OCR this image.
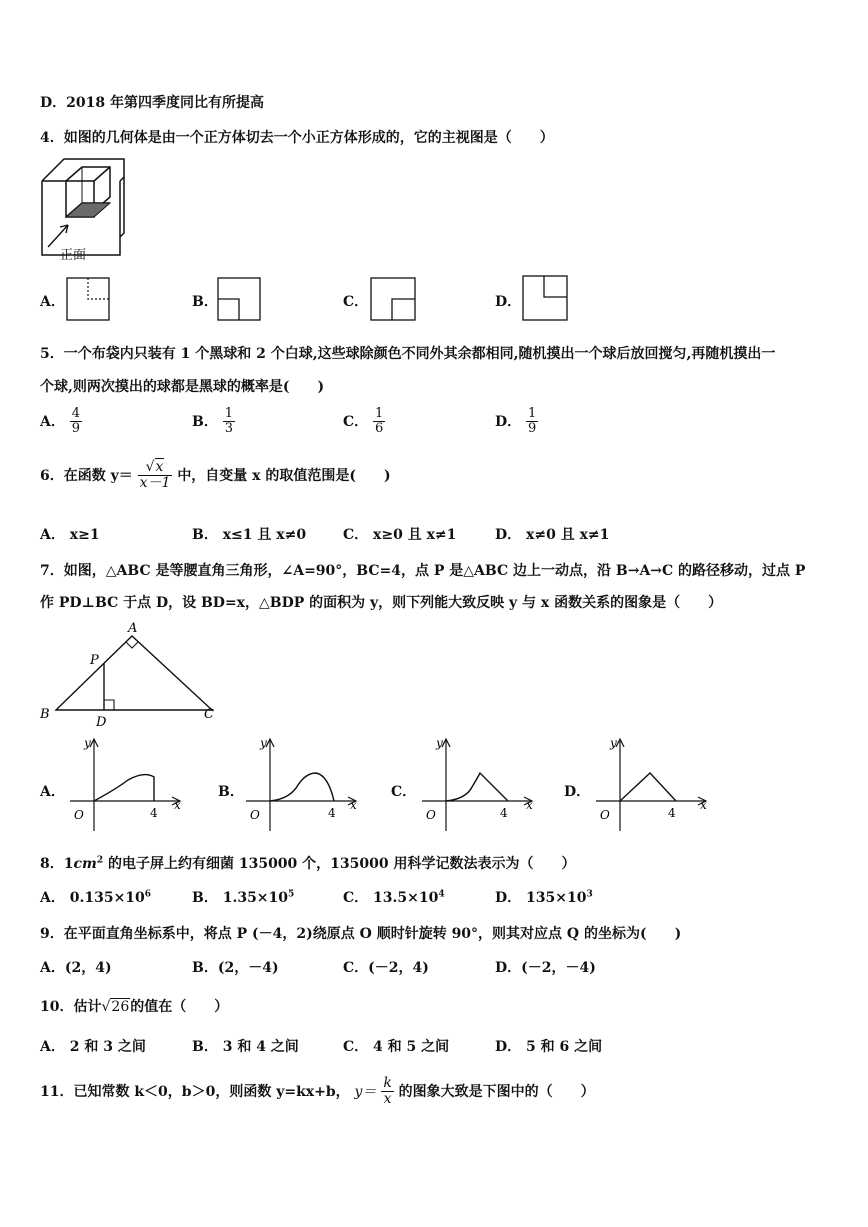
D．2018 年第四季度同比有所提高
4．如图的几何体是由一个正方体切去一个小正方体形成的，它的主视图是（　　）
正面
A．	B．	C．	D．
5．一个布袋内只装有 1 个黑球和 2 个白球,这些球除颜色不同外其余都相同,随机摸出一个球后放回搅匀,再随机摸出一
个球,则两次摸出的球都是黑球的概率是(　　)
A． $\frac{4}{9}$	B． $\frac{1}{3}$	C． $\frac{1}{6}$	D． $\frac{1}{9}$
6．在函数 $y= \frac{√x}{x-1}$ 中，自变量 x 的取值范围是(　　)
A． x≥1	B． x≤1 且 x≠0	C． x≥0 且 x≠1	D． x≠0 且 x≠1
7．如图，△ABC 是等腰直角三角形，∠A=90°，BC=4，点 P 是△ABC 边上一动点，沿 B→A→C 的路径移动，过点 P
作 PD⊥BC 于点 D，设 BD=x，△BDP 的面积为 y，则下列能大致反映 y 与 x 函数关系的图象是（　　）
A
B	C
P
D
A．
y
x
O	4
B．
y
x
O	4
C．
y
x
O	4
D．
y
x
O	4
8．$1cm^2$ 的电子屏上约有细菌 135000 个，135000 用科学记数法表示为（　　）
A． $0.135\times 10^6$	B． $1.35\times 10^5$	C． $13.5\times 10^4$	D． $135\times 10^3$
9．在平面直角坐标系中，将点 P (－4，2)绕原点 O 顺时针旋转 90°，则其对应点 Q 的坐标为(　　)
A．(2，4)	B．(2，－4)	C．(－2，4)	D．(－2，－4)
10．估计√26的值在（　　）
A． 2 和 3 之间	B． 3 和 4 之间	C． 4 和 5 之间	D． 5 和 6 之间
11．已知常数 k＜0，b＞0，则函数 y=kx+b， $y= \frac{k}{x}$ 的图象大致是下图中的（　　）
